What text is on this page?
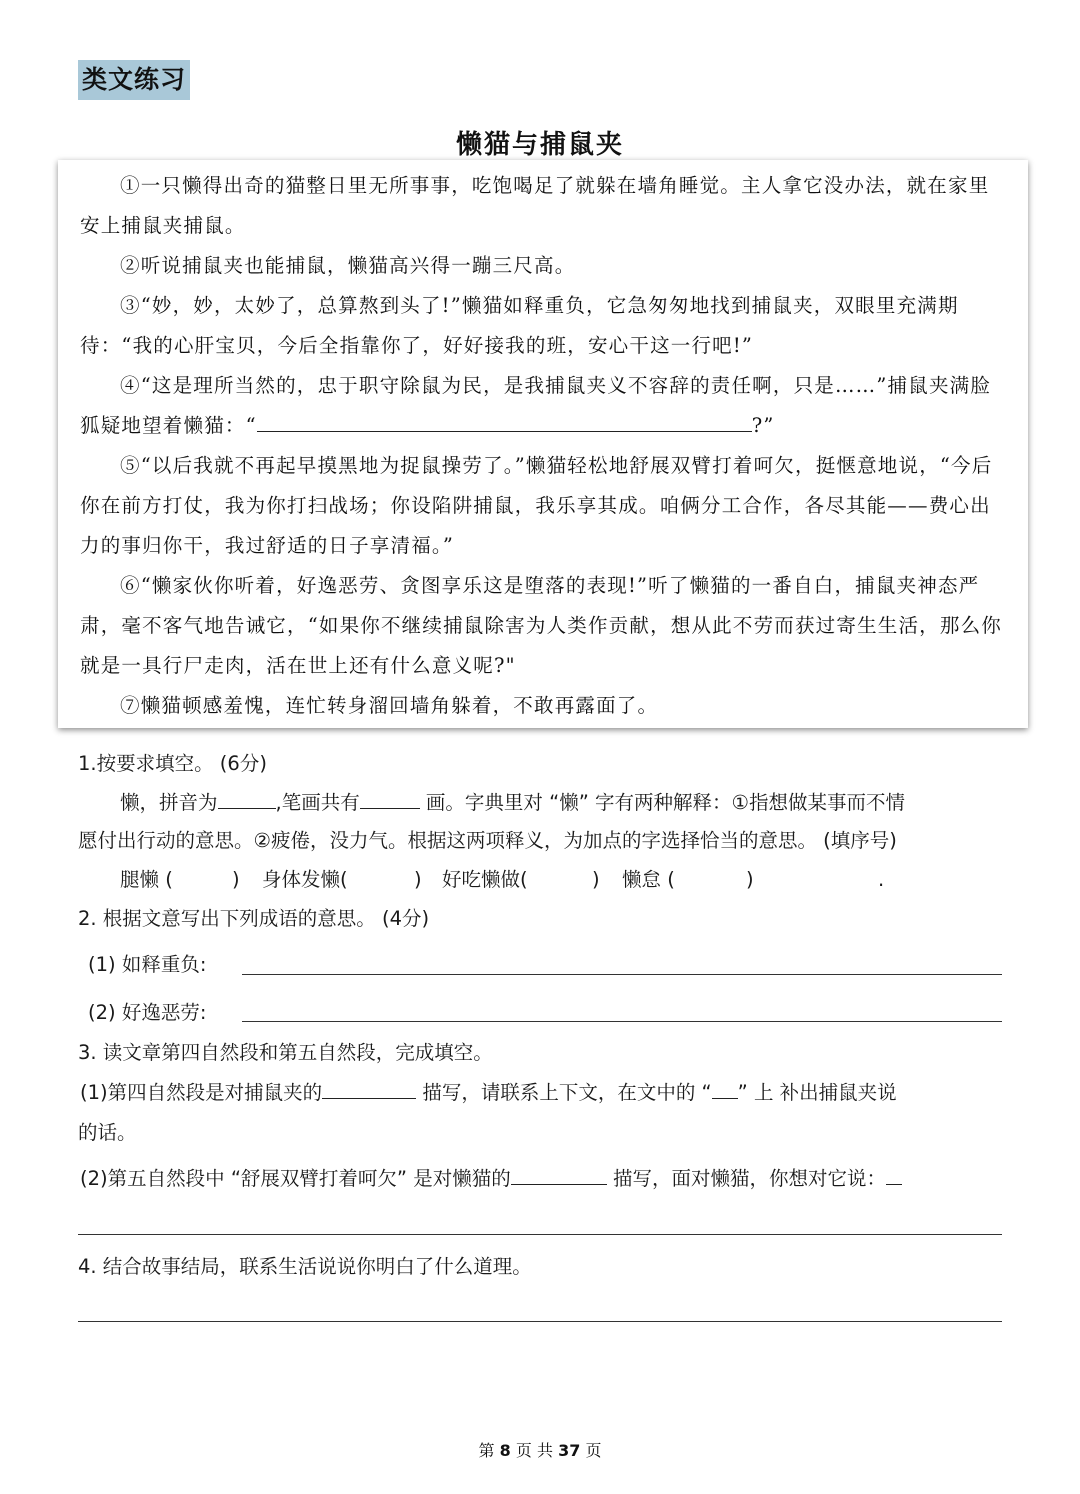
类文练习
懒猫与捕鼠夹

①一只懒得出奇的猫整日里无所事事，吃饱喝足了就躲在墙角睡觉。主人拿它没办法，就在家里安上捕鼠夹捕鼠。

②听说捕鼠夹也能捕鼠，懒猫高兴得一蹦三尺高。

③“妙，妙，太妙了，总算熬到头了!”懒猫如释重负，它急匆匆地找到捕鼠夹，双眼里充满期待：“我的心肝宝贝，今后全指靠你了，好好接我的班，安心干这一行吧!”

④“这是理所当然的，忠于职守除鼠为民，是我捕鼠夹义不容辞的责任啊，只是……”捕鼠夹满脸狐疑地望着懒猫：“	?”

⑤“以后我就不再起早摸黑地为捉鼠操劳了。”懒猫轻松地舒展双臂打着呵欠，挺惬意地说，“今后你在前方打仗，我为你打扫战场；你设陷阱捕鼠，我乐享其成。咱俩分工合作，各尽其能——费心出力的事归你干，我过舒适的日子享清福。”

⑥“懒家伙你听着，好逸恶劳、贪图享乐这是堕落的表现!”听了懒猫的一番自白，捕鼠夹神态严肃，毫不客气地告诫它，“如果你不继续捕鼠除害为人类作贡献，想从此不劳而获过寄生生活，那么你就是一具行尸走肉，活在世上还有什么意义呢?"

⑦懒猫顿感羞愧，连忙转身溜回墙角躲着，不敢再露面了。

1.按要求填空。 (6分)

懒，拼音为	,笔画共有	画。字典里对 “懒” 字有两种解释：①指想做某事而不情

愿付出行动的意思。②疲倦，没力气。根据这两项释义，为加点的字选择恰当的意思。 (填序号)

腿懒 (	) 身体发懒(	) 好吃懒做(	) 懒怠 (	)	.

2. 根据文意写出下列成语的意思。 (4分)

(1) 如释重负:

(2) 好逸恶劳:

3. 读文章第四自然段和第五自然段，完成填空。

(1)第四自然段是对捕鼠夹的	描写，请联系上下文，在文中的 “ ” 上 补出捕鼠夹说

的话。

(2)第五自然段中 “舒展双臂打着呵欠” 是对懒猫的	描写，面对懒猫，你想对它说：

4. 结合故事结局，联系生活说说你明白了什么道理。

第 8 页 共 37 页
